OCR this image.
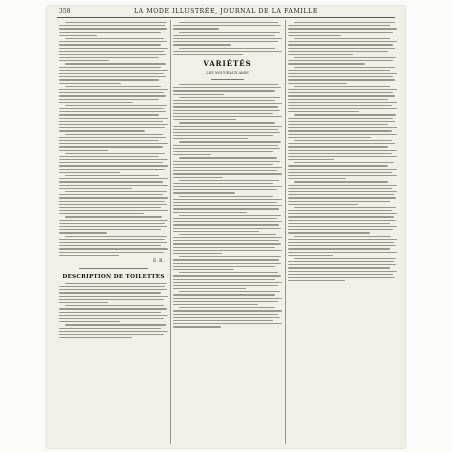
358	LA MODE ILLUSTRÉE, JOURNAL DE LA FAMILLE
E. R.
DESCRIPTION DE TOILETTES
VARIÉTÉS
LES NOUVEAUX AMIS
